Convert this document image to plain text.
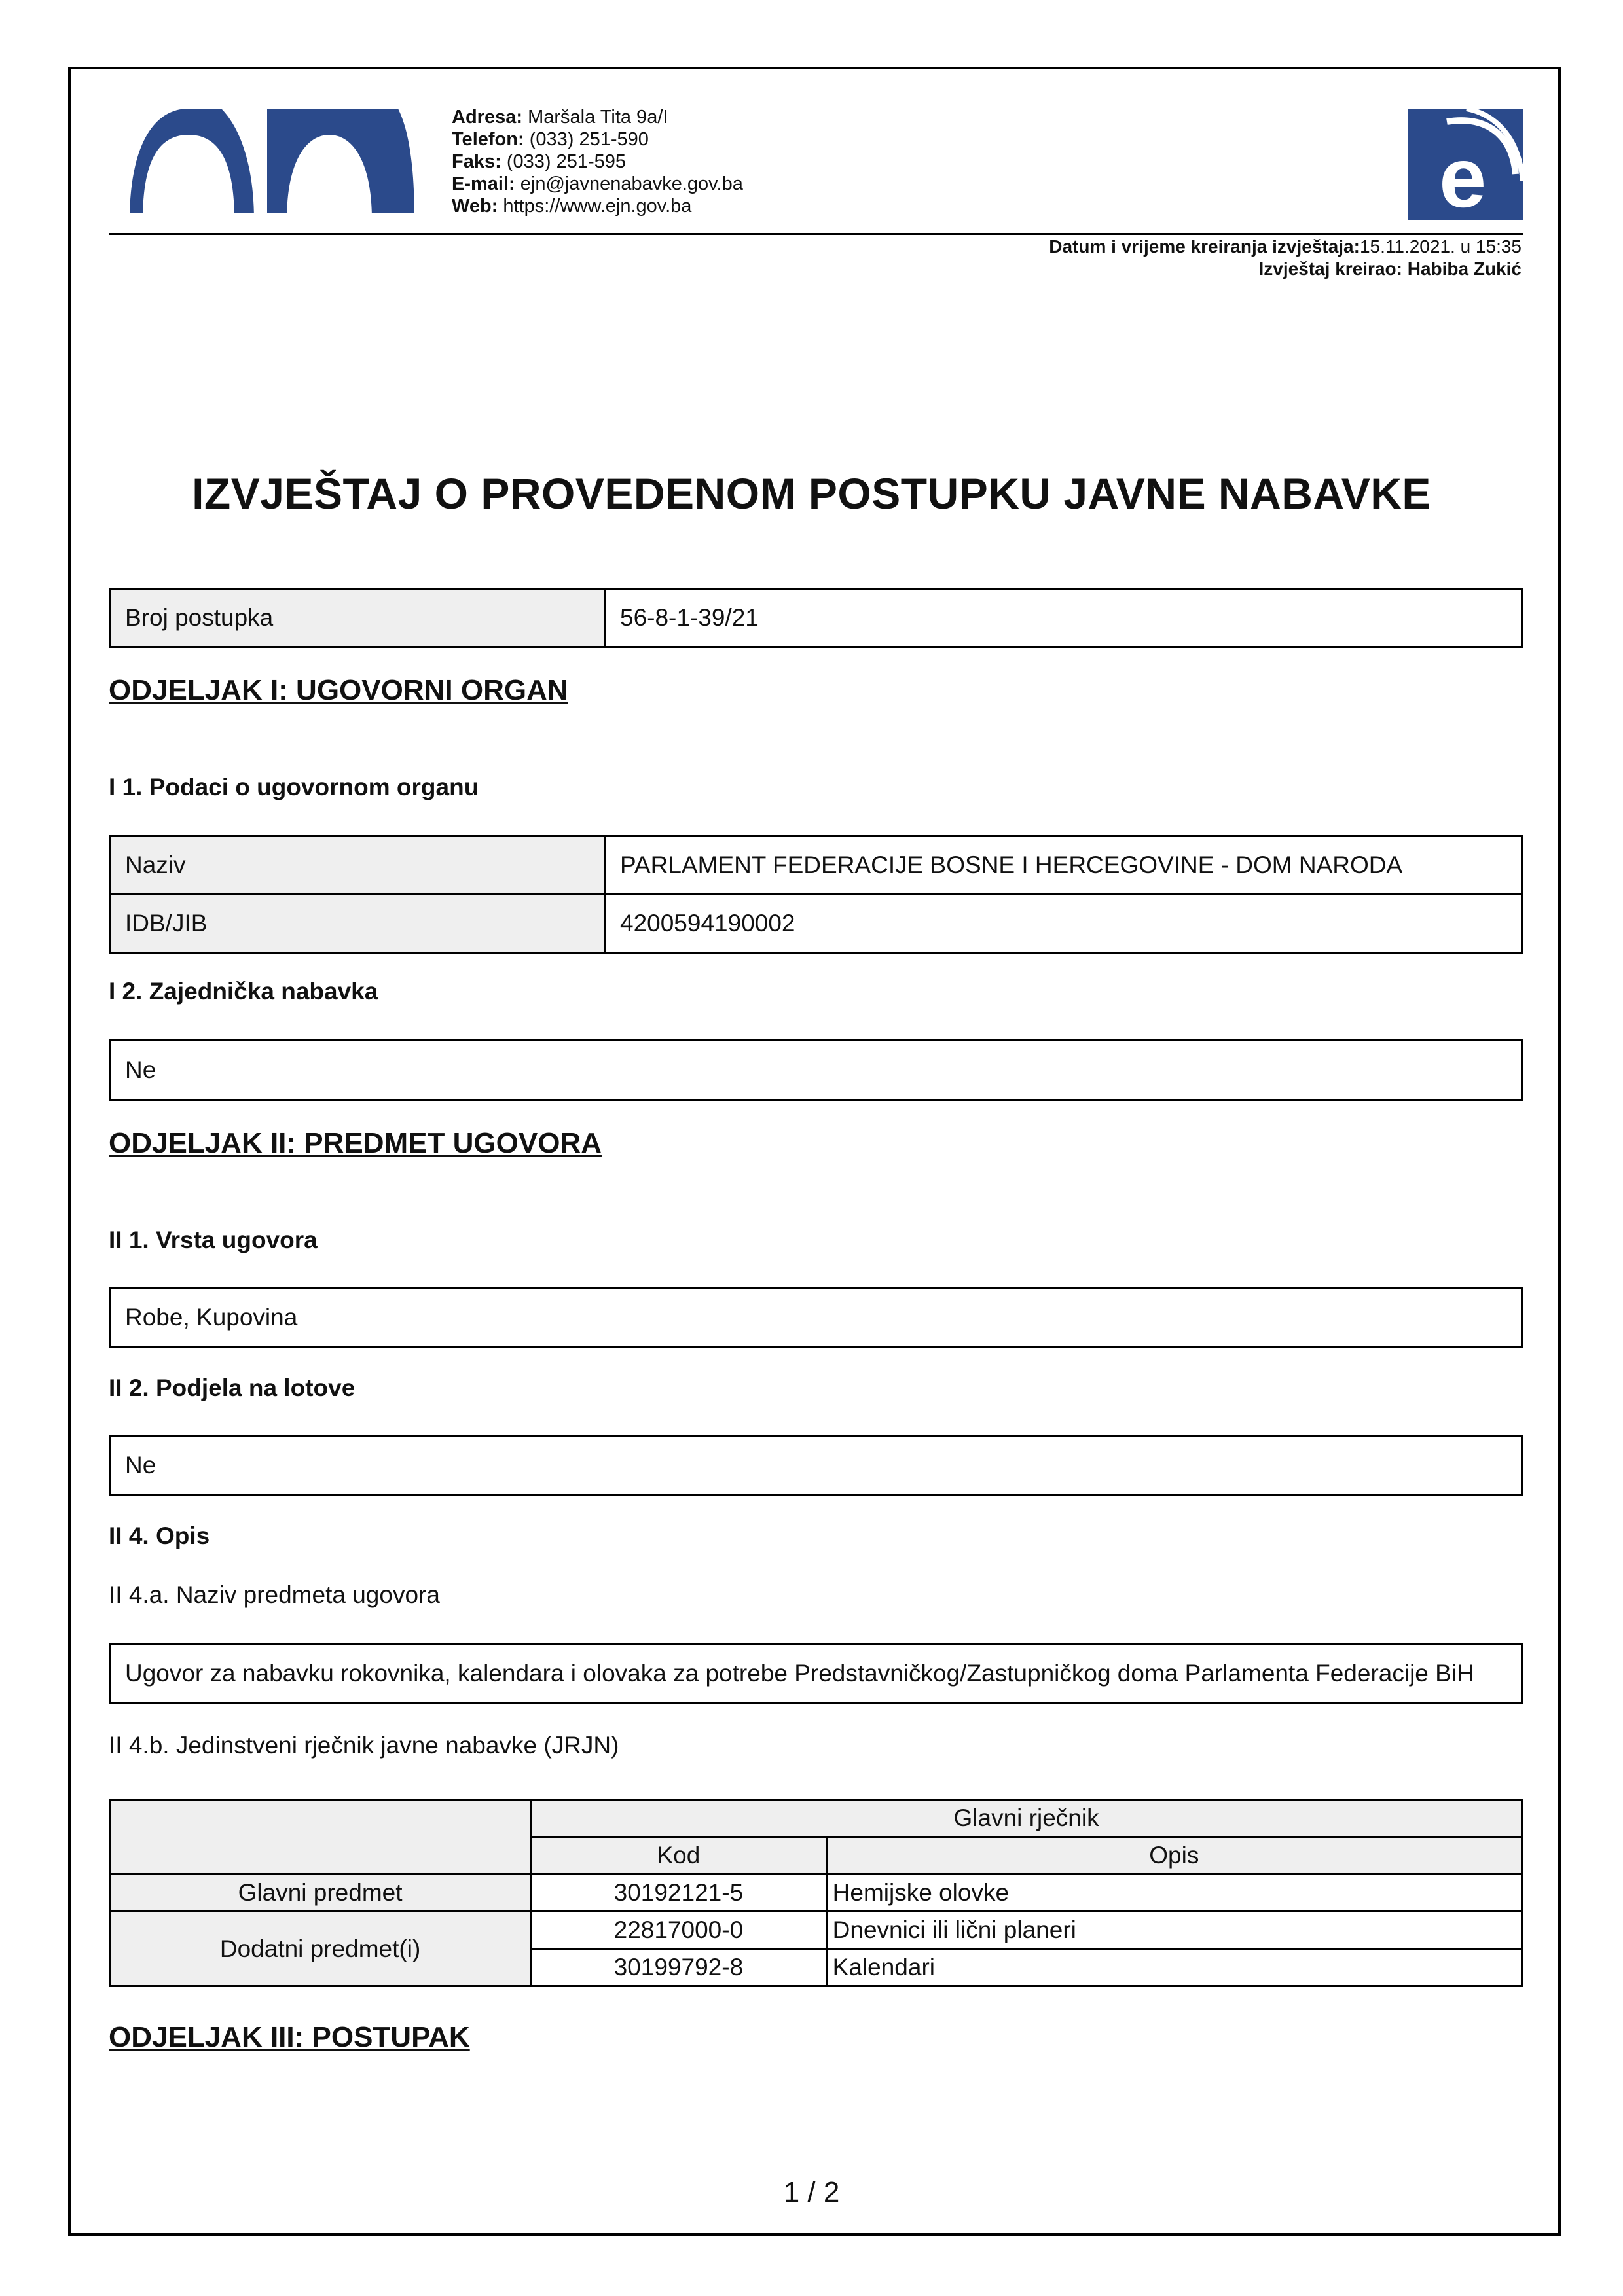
Adresa: Maršala Tita 9a/I
Telefon: (033) 251-590
Faks: (033) 251-595
E-mail: ejn@javnenabavke.gov.ba
Web: https://www.ejn.gov.ba	e
Datum i vrijeme kreiranja izvještaja:15.11.2021. u 15:35
Izvještaj kreirao: Habiba Zukić
IZVJEŠTAJ O PROVEDENOM POSTUPKU JAVNE NABAVKE
Broj postupka	56-8-1-39/21
ODJELJAK I: UGOVORNI ORGAN
I 1. Podaci o ugovornom organu
Naziv	PARLAMENT FEDERACIJE BOSNE I HERCEGOVINE - DOM NARODA
IDB/JIB	4200594190002
I 2. Zajednička nabavka
Ne
ODJELJAK II: PREDMET UGOVORA
II 1. Vrsta ugovora
Robe, Kupovina
II 2. Podjela na lotove
Ne
II 4. Opis
II 4.a. Naziv predmeta ugovora
Ugovor za nabavku rokovnika, kalendara i olovaka za potrebe Predstavničkog/Zastupničkog doma Parlamenta Federacije BiH
II 4.b. Jedinstveni rječnik javne nabavke (JRJN)
	Glavni rječnik	
	Kod	Opis
Glavni predmet	30192121-5	Hemijske olovke
Dodatni predmet(i)	22817000-0	Dnevnici ili lični planeri
	30199792-8	Kalendari
ODJELJAK III: POSTUPAK
1 / 2
